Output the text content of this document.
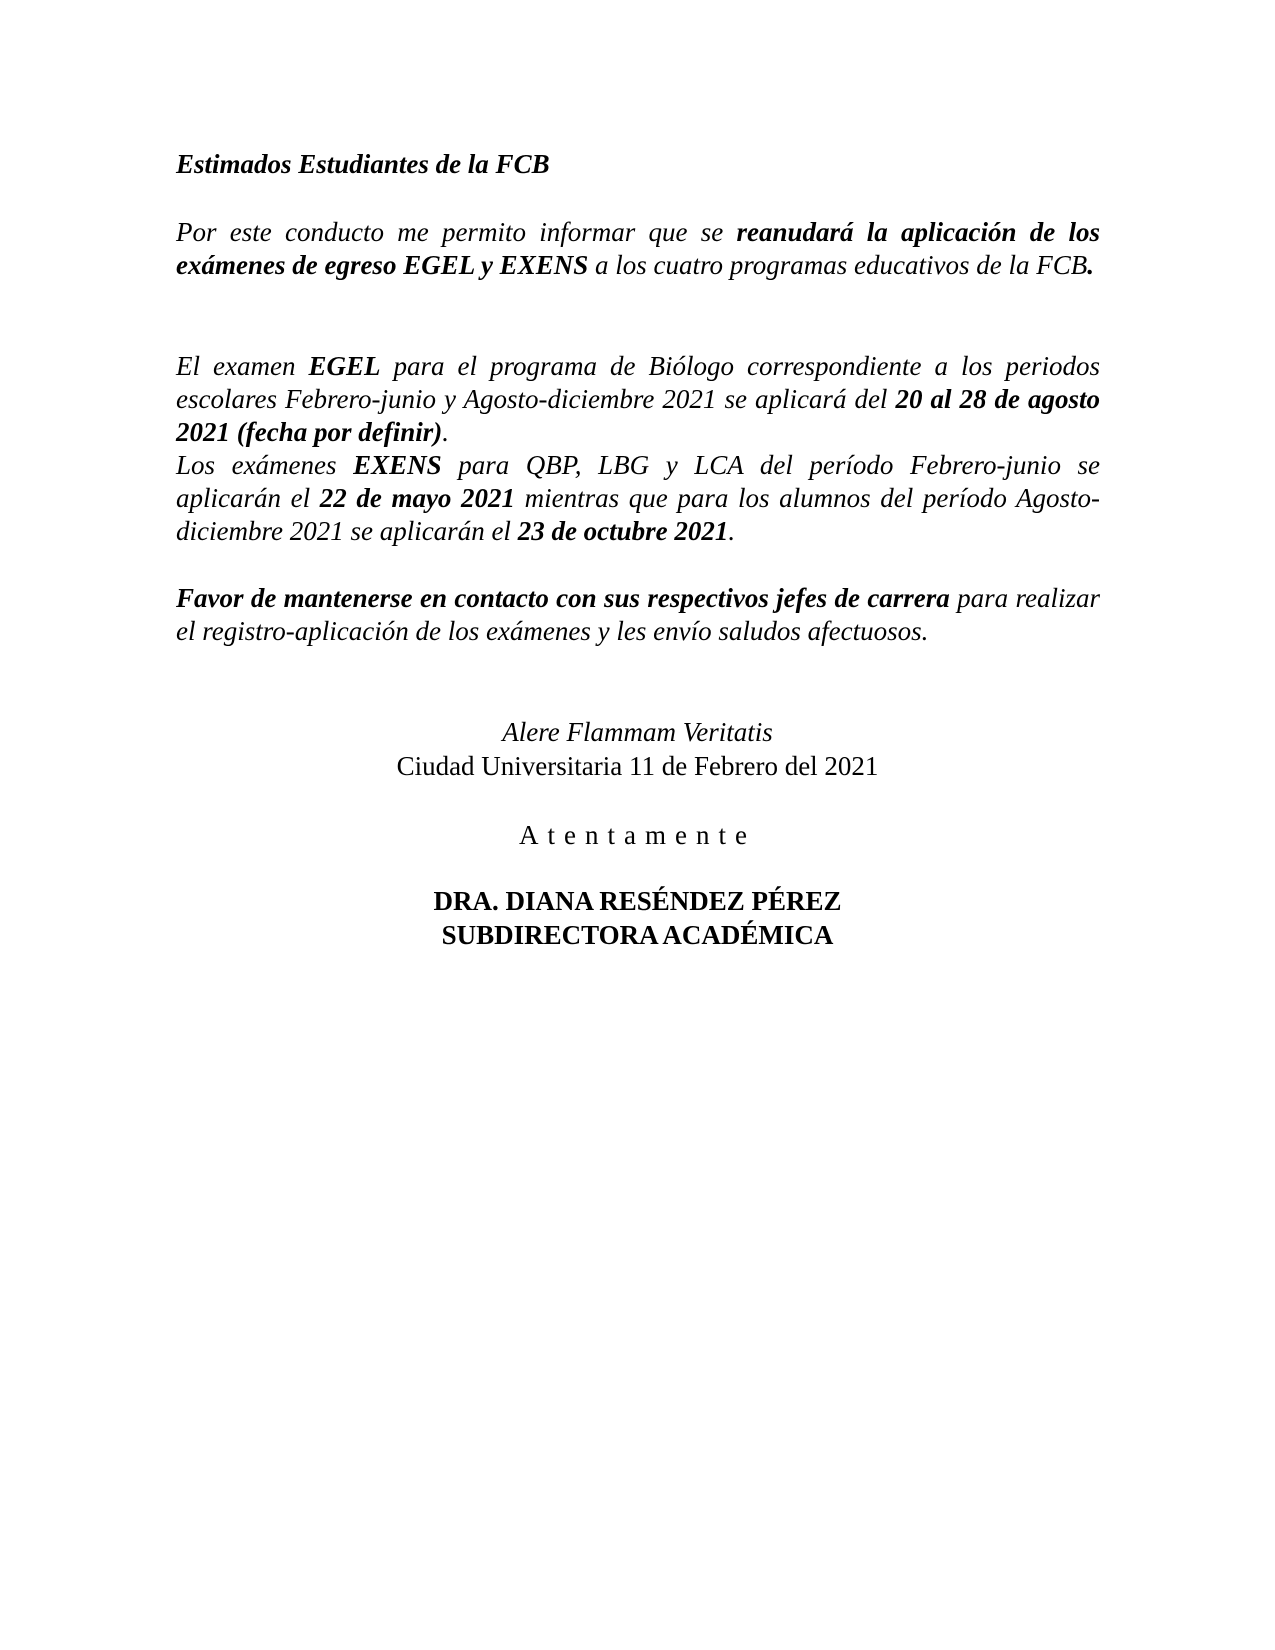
Estimados Estudiantes de la FCB

Por este conducto me permito informar que se reanudará la aplicación de los exámenes de egreso EGEL y EXENS a los cuatro programas educativos de la FCB.

El examen EGEL para el programa de Biólogo correspondiente a los periodos escolares Febrero-junio y Agosto-diciembre 2021 se aplicará del 20 al 28 de agosto 2021 (fecha por definir).

Los exámenes EXENS para QBP, LBG y LCA del período Febrero-junio se aplicarán el 22 de mayo 2021 mientras que para los alumnos del período Agosto- diciembre 2021 se aplicarán el 23 de octubre 2021.

Favor de mantenerse en contacto con sus respectivos jefes de carrera para realizar el registro-aplicación de los exámenes y les envío saludos afectuosos.

Alere Flammam Veritatis
Ciudad Universitaria 11 de Febrero del 2021
Atentamente
DRA. DIANA RESÉNDEZ PÉREZ
SUBDIRECTORA ACADÉMICA
